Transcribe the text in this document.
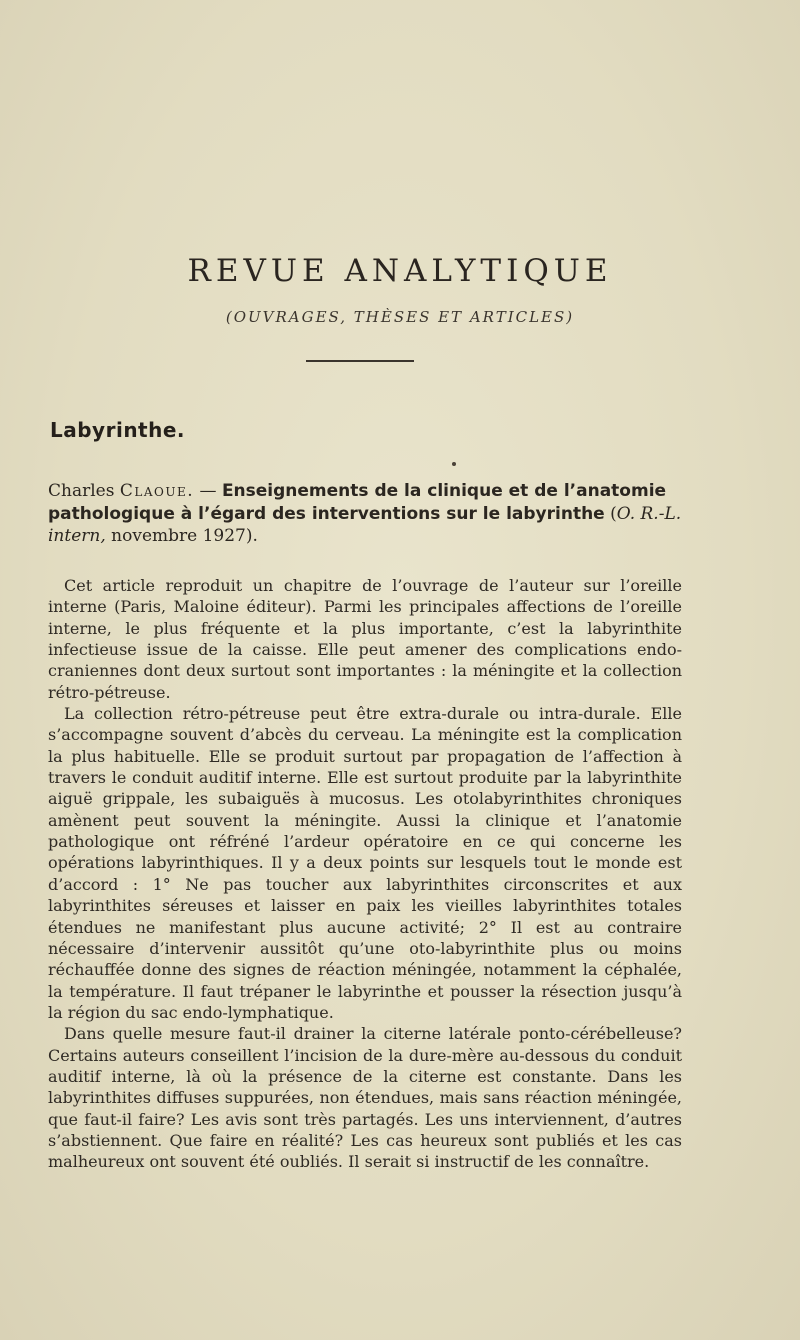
REVUE ANALYTIQUE
(OUVRAGES, THÈSES ET ARTICLES)
Labyrinthe.
Charles Claoue. — Enseignements de la clinique et de l’anatomie pathologique à l’égard des interventions sur le labyrinthe (O. R.-L. intern, novembre 1927).

Cet article reproduit un chapitre de l’ouvrage de l’auteur sur l’oreille interne (Paris, Maloine éditeur). Parmi les principales affections de l’oreille interne, le plus fréquente et la plus importante, c’est la labyrinthite infectieuse issue de la caisse. Elle peut amener des complications endo-craniennes dont deux surtout sont importantes : la méningite et la collection rétro-pétreuse.

La collection rétro-pétreuse peut être extra-durale ou intra-durale. Elle s’accompagne souvent d’abcès du cerveau. La méningite est la complication la plus habituelle. Elle se produit surtout par propagation de l’affection à travers le conduit auditif interne. Elle est surtout produite par la labyrinthite aiguë grippale, les subaiguës à mucosus. Les otolabyrinthites chroniques amènent peut souvent la méningite. Aussi la clinique et l’anatomie pathologique ont réfréné l’ardeur opératoire en ce qui concerne les opérations labyrinthiques. Il y a deux points sur lesquels tout le monde est d’accord : 1° Ne pas toucher aux labyrinthites circonscrites et aux labyrinthites séreuses et laisser en paix les vieilles labyrinthites totales étendues ne manifestant plus aucune activité; 2° Il est au contraire nécessaire d’intervenir aussitôt qu’une oto-labyrinthite plus ou moins réchauffée donne des signes de réaction méningée, notamment la céphalée, la température. Il faut trépaner le labyrinthe et pousser la résection jusqu’à la région du sac endo-lymphatique.

Dans quelle mesure faut-il drainer la citerne latérale ponto-cérébelleuse? Certains auteurs conseillent l’incision de la dure-mère au-dessous du conduit auditif interne, là où la présence de la citerne est constante. Dans les labyrinthites diffuses suppurées, non étendues, mais sans réaction méningée, que faut-il faire? Les avis sont très partagés. Les uns interviennent, d’autres s’abstiennent. Que faire en réalité? Les cas heureux sont publiés et les cas malheureux ont souvent été oubliés. Il serait si instructif de les connaître.
